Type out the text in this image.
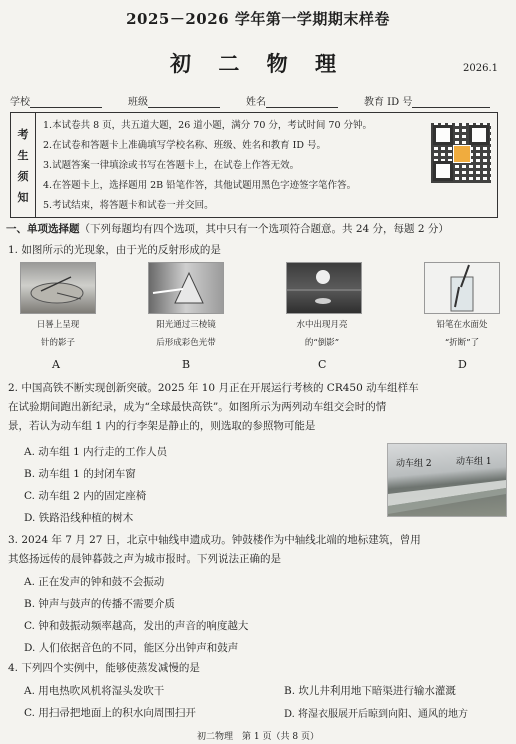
2025－2026 学年第一学期期末样卷
初 二 物 理	2026.1
学校	班级	姓名	教育 ID 号
考
生
须
知
1.本试卷共 8 页，共五道大题，26 道小题，满分 70 分，考试时间 70 分钟。
2.在试卷和答题卡上准确填写学校名称、班级、姓名和教育 ID 号。
3.试题答案一律填涂或书写在答题卡上，在试卷上作答无效。
4.在答题卡上，选择题用 2B 铅笔作答，其他试题用黑色字迹签字笔作答。
5.考试结束，将答题卡和试卷一并交回。
一、单项选择题（下列每题均有四个选项，其中只有一个选项符合题意。共 24 分，每题 2 分）
1. 如图所示的光现象，由于光的反射形成的是
日晷上呈现
针的影子
阳光通过三棱镜
后形成彩色光带
水中出现月亮
的“倒影”
铅笔在水面处
“折断”了
A	B	C	D
2. 中国高铁不断实现创新突破。2025 年 10 月正在开展运行考核的 CR450 动车组样车
在试验期间跑出新纪录，成为“全球最快高铁”。如图所示为两列动车组交会时的情
景，若认为动车组 1 内的行李架是静止的，则选取的参照物可能是
A. 动车组 1 内行走的工作人员
B. 动车组 1 的封闭车窗
C. 动车组 2 内的固定座椅
D. 铁路沿线种植的树木
动车组 2	动车组 1
3. 2024 年 7 月 27 日，北京中轴线申遗成功。钟鼓楼作为中轴线北端的地标建筑，曾用
其悠扬远传的晨钟暮鼓之声为城市报时。下列说法正确的是
A. 正在发声的钟和鼓不会振动
B. 钟声与鼓声的传播不需要介质
C. 钟和鼓振动频率越高，发出的声音的响度越大
D. 人们依据音色的不同，能区分出钟声和鼓声
4. 下列四个实例中，能够使蒸发减慢的是
A. 用电热吹风机将湿头发吹干	B. 坎儿井利用地下暗渠进行输水灌溉
C. 用扫帚把地面上的积水向周围扫开	D. 将湿衣服展开后晾到向阳、通风的地方
初二物理　第 1 页（共 8 页）
